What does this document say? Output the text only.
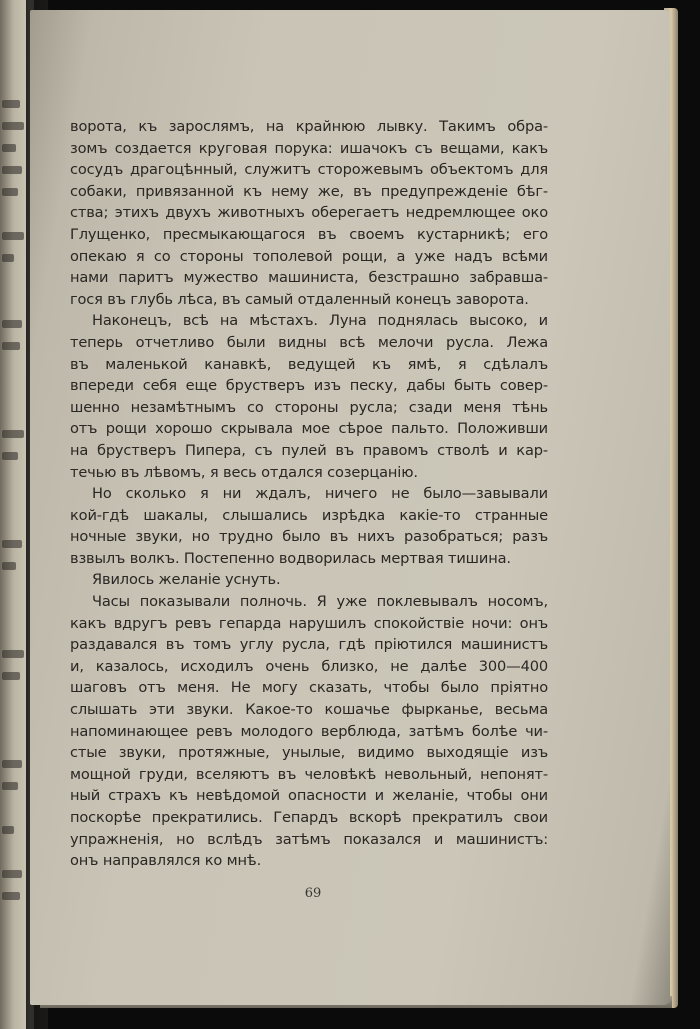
ворота, къ зарослямъ, на крайнюю лывку. Такимъ обра-
зомъ создается круговая порука: ишачокъ съ вещами, какъ
сосудъ драгоцѣнный, служитъ сторожевымъ объектомъ для
собаки, привязанной къ нему же, въ предупрежденіе бѣг-
ства; этихъ двухъ животныхъ оберегаетъ недремлющее око
Глущенко, пресмыкающагося въ своемъ кустарникѣ; его
опекаю я со стороны тополевой рощи, а уже надъ всѣми
нами паритъ мужество машиниста, безстрашно забравша-
гося въ глубь лѣса, въ самый отдаленный конецъ заворота.
Наконецъ, всѣ на мѣстахъ. Луна поднялась высоко, и
теперь отчетливо были видны всѣ мелочи русла. Лежа
въ маленькой канавкѣ, ведущей къ ямѣ, я сдѣлалъ
впереди себя еще брустверъ изъ песку, дабы быть совер-
шенно незамѣтнымъ со стороны русла; сзади меня тѣнь
отъ рощи хорошо скрывала мое сѣрое пальто. Положивши
на брустверъ Пипера, съ пулей въ правомъ стволѣ и кар-
течью въ лѣвомъ, я весь отдался созерцанію.
Но сколько я ни ждалъ, ничего не было—завывали
кой-гдѣ шакалы, слышались изрѣдка какіе-то странные
ночные звуки, но трудно было въ нихъ разобраться; разъ
взвылъ волкъ. Постепенно водворилась мертвая тишина.
Явилось желаніе уснуть.
Часы показывали полночь. Я уже поклевывалъ носомъ,
какъ вдругъ ревъ гепарда нарушилъ спокойствіе ночи: онъ
раздавался въ томъ углу русла, гдѣ пріютился машинистъ
и, казалось, исходилъ очень близко, не далѣе 300—400
шаговъ отъ меня. Не могу сказать, чтобы было пріятно
слышать эти звуки. Какое-то кошачье фырканье, весьма
напоминающее ревъ молодого верблюда, затѣмъ болѣе чи-
стые звуки, протяжные, унылые, видимо выходящіе изъ
мощной груди, вселяютъ въ человѣкѣ невольный, непонят-
ный страхъ къ невѣдомой опасности и желаніе, чтобы они
поскорѣе прекратились. Гепардъ вскорѣ прекратилъ свои
упражненія, но вслѣдъ затѣмъ показался и машинистъ:
онъ направлялся ко мнѣ.
69
